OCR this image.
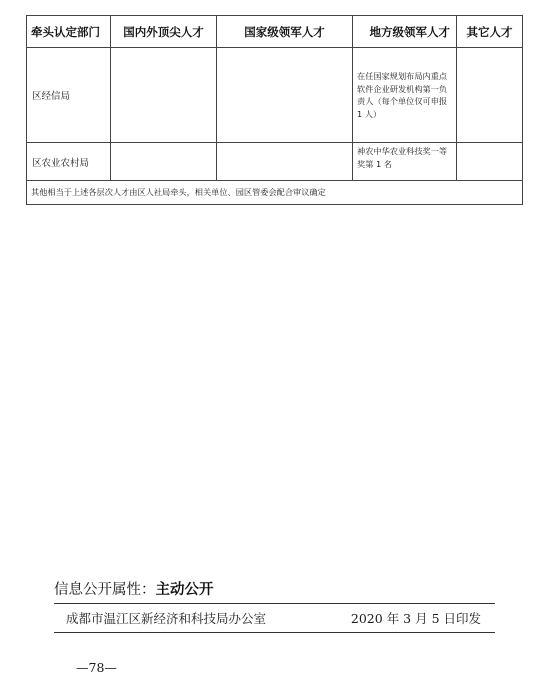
牵头认定部门	国内外顶尖人才	国家级领军人才	地方级领军人才	其它人才
区经信局			在任国家规划布局内重点软件企业研发机构第一负责人（每个单位仅可申报 1 人）	
区农业农村局			神农中华农业科技奖一等奖第 1 名	
其他相当于上述各层次人才由区人社局牵头，相关单位、园区管委会配合审议确定				
信息公开属性：主动公开
成都市温江区新经济和科技局办公室	2020 年 3 月 5 日印发
—78—
